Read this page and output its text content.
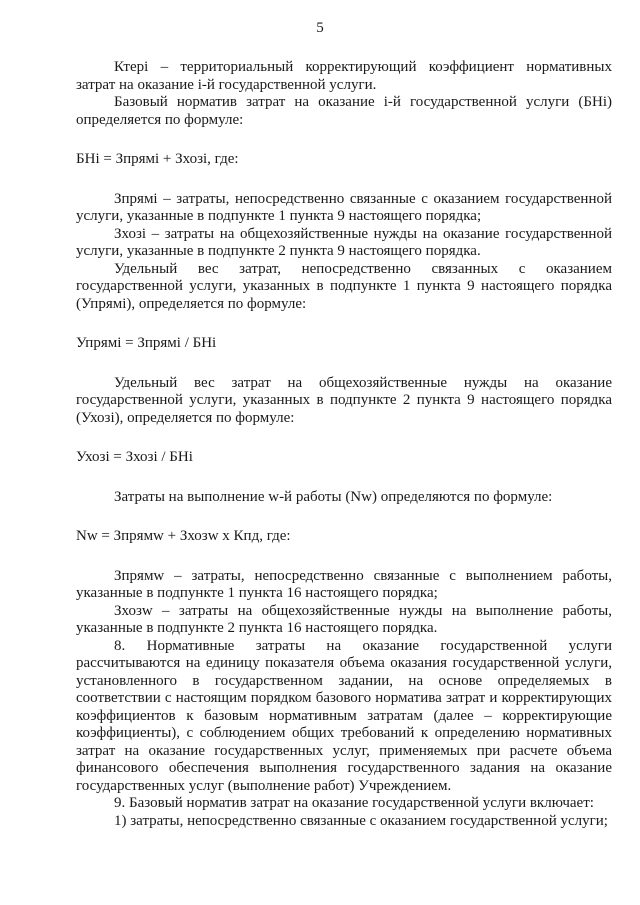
5

Ктері – территориальный корректирующий коэффициент нормативных затрат на оказание і-й государственной услуги.

Базовый норматив затрат на оказание і-й государственной услуги (БНі) определяется по формуле:

БНі = Зпрямі + Зхозі, где:

Зпрямі – затраты, непосредственно связанные с оказанием государственной услуги, указанные в подпункте 1 пункта 9 настоящего порядка;

Зхозі – затраты на общехозяйственные нужды на оказание государственной услуги, указанные в подпункте 2 пункта 9 настоящего порядка.

Удельный вес затрат, непосредственно связанных с оказанием государственной услуги, указанных в подпункте 1 пункта 9 настоящего порядка (Упрямі), определяется по формуле:

Упрямі = Зпрямі / БНі

Удельный вес затрат на общехозяйственные нужды на оказание государственной услуги, указанных в подпункте 2 пункта 9 настоящего порядка (Ухозі), определяется по формуле:

Ухозі = Зхозі / БНі

Затраты на выполнение w-й работы (Nw) определяются по формуле:

Nw = Зпрямw + Зхозw х Кпд, где:

Зпрямw – затраты, непосредственно связанные с выполнением работы, указанные в подпункте 1 пункта 16 настоящего порядка;

Зхозw – затраты на общехозяйственные нужды на выполнение работы, указанные в подпункте 2 пункта 16 настоящего порядка.

8. Нормативные затраты на оказание государственной услуги рассчитываются на единицу показателя объема оказания государственной услуги, установленного в государственном задании, на основе определяемых в соответствии с настоящим порядком базового норматива затрат и корректирующих коэффициентов к базовым нормативным затратам (далее – корректирующие коэффициенты), с соблюдением общих требований к определению нормативных затрат на оказание государственных услуг, применяемых при расчете объема финансового обеспечения выполнения государственного задания на оказание государственных услуг (выполнение работ) Учреждением.

9. Базовый норматив затрат на оказание государственной услуги включает:

1) затраты, непосредственно связанные с оказанием государственной услуги;
